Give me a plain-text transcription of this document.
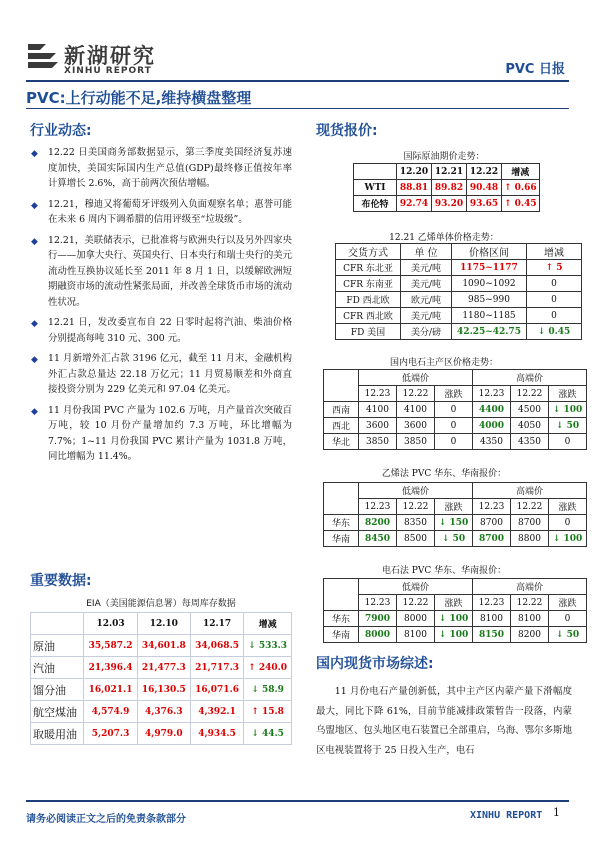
新湖研究
XINHU REPORT	PVC 日报
PVC:上行动能不足,维持横盘整理
行业动态:
◆ 12.22 日美国商务部数据显示，第三季度美国经济复苏速度加快，美国实际国内生产总值(GDP)最终修正值按年率计算增长 2.6%，高于前两次预估增幅。
◆ 12.21，穆迪又将葡萄牙评级列入负面观察名单；惠誉可能在未来 6 周内下调希腊的信用评级至“垃圾级”。
◆ 12.21，美联储表示，已批准将与欧洲央行以及另外四家央行——加拿大央行、英国央行、日本央行和瑞士央行的美元流动性互换协议延长至 2011 年 8 月 1 日，以缓解欧洲短期融资市场的流动性紧张局面，并改善全球货币市场的流动性状况。
◆ 12.21 日，发改委宣布自 22 日零时起将汽油、柴油价格分别提高每吨 310 元、300 元。
◆ 11 月新增外汇占款 3196 亿元，截至 11 月末，金融机构外汇占款总量达 22.18 万亿元；11 月贸易顺差和外商直接投资分别为 229 亿美元和 97.04 亿美元。
◆ 11 月份我国 PVC 产量为 102.6 万吨，月产量首次突破百万吨，较 10 月份产量增加约 7.3 万吨，环比增幅为 7.7%；1~11 月份我国 PVC 累计产量为 1031.8 万吨，同比增幅为 11.4%。
重要数据:
EIA（美国能源信息署）每周库存数据
	12.03	12.10	12.17	增减
原油	35,587.2	34,601.8	34,068.5	↓ 533.3
汽油	21,396.4	21,477.3	21,717.3	↑ 240.0
馏分油	16,021.1	16,130.5	16,071.6	↓ 58.9
航空煤油	4,574.9	4,376.3	4,392.1	↑ 15.8
取暖用油	5,207.3	4,979.0	4,934.5	↓ 44.5
现货报价:
国际原油期价走势：
	12.20	12.21	12.22	增减
WTI	88.81	89.82	90.48	↑ 0.66
布伦特	92.74	93.20	93.65	↑ 0.45
12.21 乙烯单体价格走势：
交货方式	单 位	价格区间	增减
CFR 东北亚	美元/吨	1175~1177	↑ 5
CFR 东南亚	美元/吨	1090~1092	0
FD 西北欧	欧元/吨	985~990	0
CFR 西北欧	美元/吨	1180~1185	0
FD 美国	美分/磅	42.25~42.75	↓ 0.45
国内电石主产区价格走势：
	低端价			高端价		
	12.23	12.22	涨跌	12.23	12.22	涨跌
西南	4100	4100	0	4400	4500	↓ 100
西北	3600	3600	0	4000	4050	↓ 50
华北	3850	3850	0	4350	4350	0
乙烯法 PVC 华东、华南报价：
	低端价			高端价		
	12.23	12.22	涨跌	12.23	12.22	涨跌
华东	8200	8350	↓ 150	8700	8700	0
华南	8450	8500	↓ 50	8700	8800	↓ 100
电石法 PVC 华东、华南报价：
	低端价			高端价		
	12.23	12.22	涨跌	12.23	12.22	涨跌
华东	7900	8000	↓ 100	8100	8100	0
华南	8000	8100	↓ 100	8150	8200	↓ 50
国内现货市场综述:

11 月份电石产量创新低，其中主产区内蒙产量下滑幅度最大，同比下降 61%，目前节能减排政策暂告一段落，内蒙乌盟地区、包头地区电石装置已全部重启，乌海、鄂尔多斯地区电视装置将于 25 日投入生产，电石

请务必阅读正文之后的免责条款部分	XINHU REPORT 1
